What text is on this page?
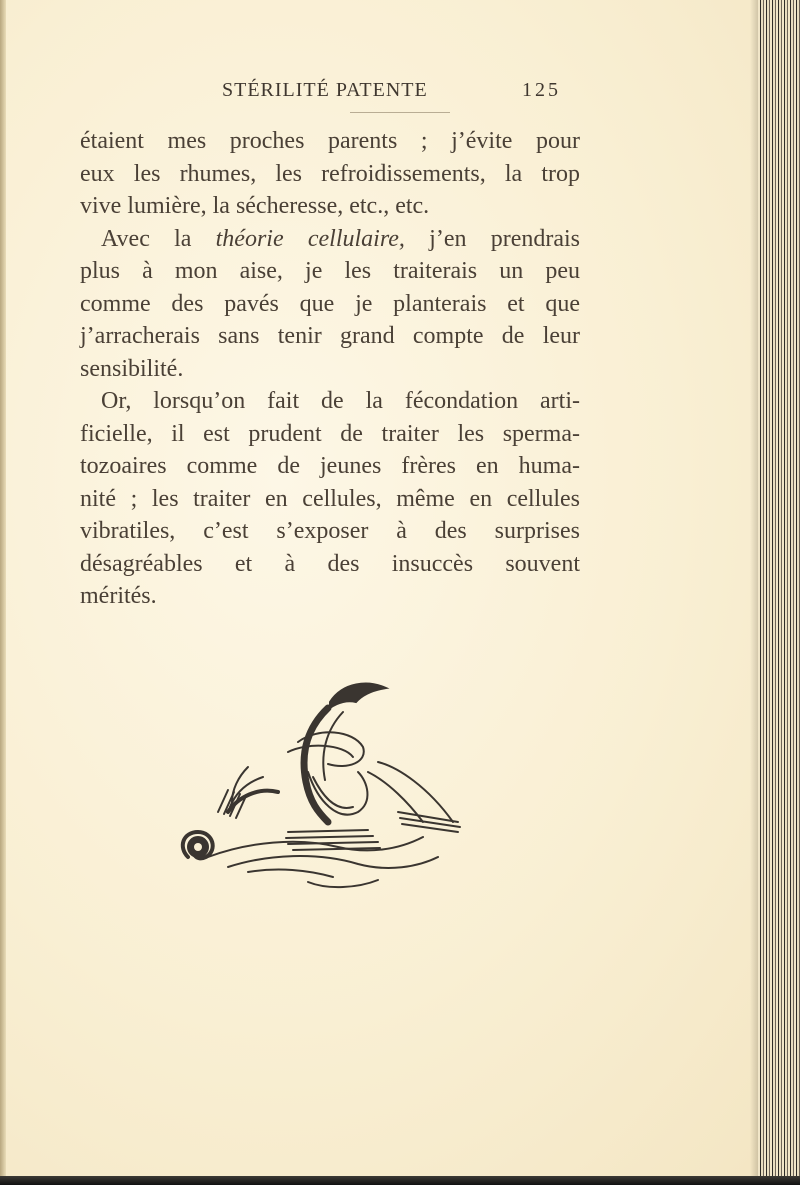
STÉRILITÉ PATENTE	125
étaient mes proches parents ; j’évite pour
eux les rhumes, les refroidissements, la trop
vive lumière, la sécheresse, etc., etc.
Avec la théorie cellulaire, j’en prendrais
plus à mon aise, je les traiterais un peu
comme des pavés que je planterais et que
j’arracherais sans tenir grand compte de leur
sensibilité.
Or, lorsqu’on fait de la fécondation arti-
ficielle, il est prudent de traiter les sperma-
tozoaires comme de jeunes frères en huma-
nité ; les traiter en cellules, même en cellules
vibratiles, c’est s’exposer à des surprises
désagréables et à des insuccès souvent
mérités.
